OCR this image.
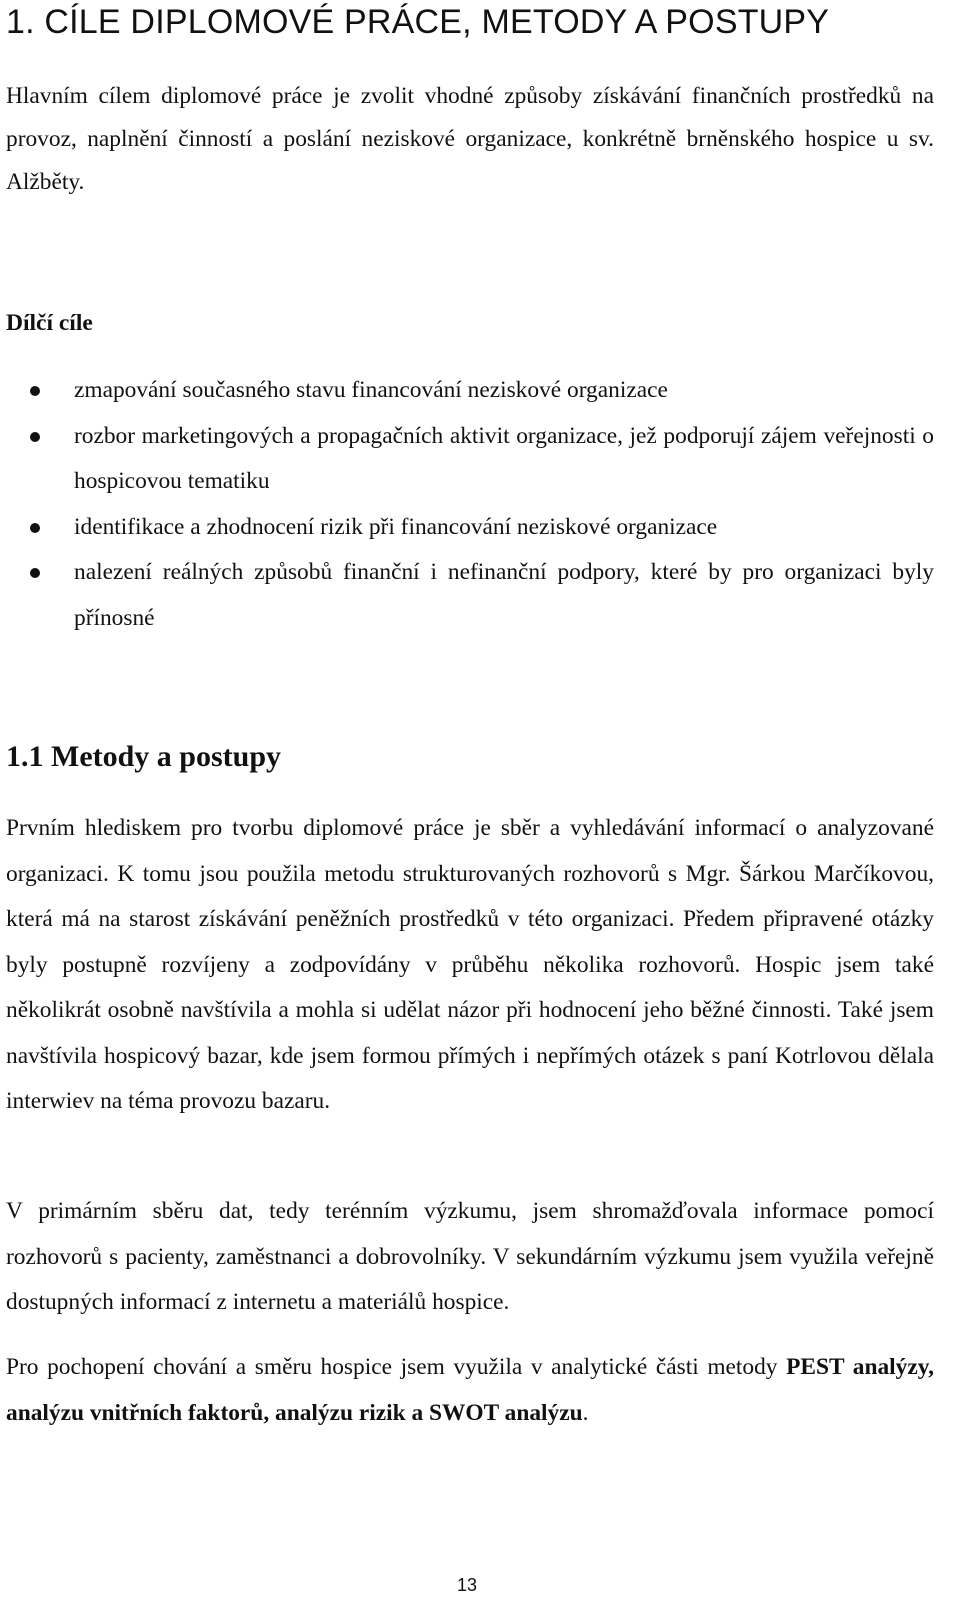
1. CÍLE DIPLOMOVÉ PRÁCE, METODY A POSTUPY

Hlavním cílem diplomové práce je zvolit vhodné způsoby získávání finančních prostředků na provoz, naplnění činností a poslání neziskové organizace, konkrétně brněnského hospice u sv. Alžběty.

Dílčí cíle
zmapování současného stavu financování neziskové organizace
rozbor marketingových a propagačních aktivit organizace, jež podporují zájem veřejnosti o hospicovou tematiku
identifikace a zhodnocení rizik při financování neziskové organizace
nalezení reálných způsobů finanční i nefinanční podpory, které by pro organizaci byly přínosné
1.1 Metody a postupy

Prvním hlediskem pro tvorbu diplomové práce je sběr a vyhledávání informací o analyzované organizaci. K tomu jsou použila metodu strukturovaných rozhovorů s Mgr. Šárkou Marčíkovou, která má na starost získávání peněžních prostředků v této organizaci. Předem připravené otázky byly postupně rozvíjeny a zodpovídány v průběhu několika rozhovorů. Hospic jsem také několikrát osobně navštívila a mohla si udělat názor při hodnocení jeho běžné činnosti. Také jsem navštívila hospicový bazar, kde jsem formou přímých i nepřímých otázek s paní Kotrlovou dělala interwiev na téma provozu bazaru.

V primárním sběru dat, tedy terénním výzkumu, jsem shromažďovala informace pomocí rozhovorů s pacienty, zaměstnanci a dobrovolníky. V sekundárním výzkumu jsem využila veřejně dostupných informací z internetu a materiálů hospice.

Pro pochopení chování a směru hospice jsem využila v analytické části metody PEST analýzy, analýzu vnitřních faktorů, analýzu rizik a SWOT analýzu.

13
